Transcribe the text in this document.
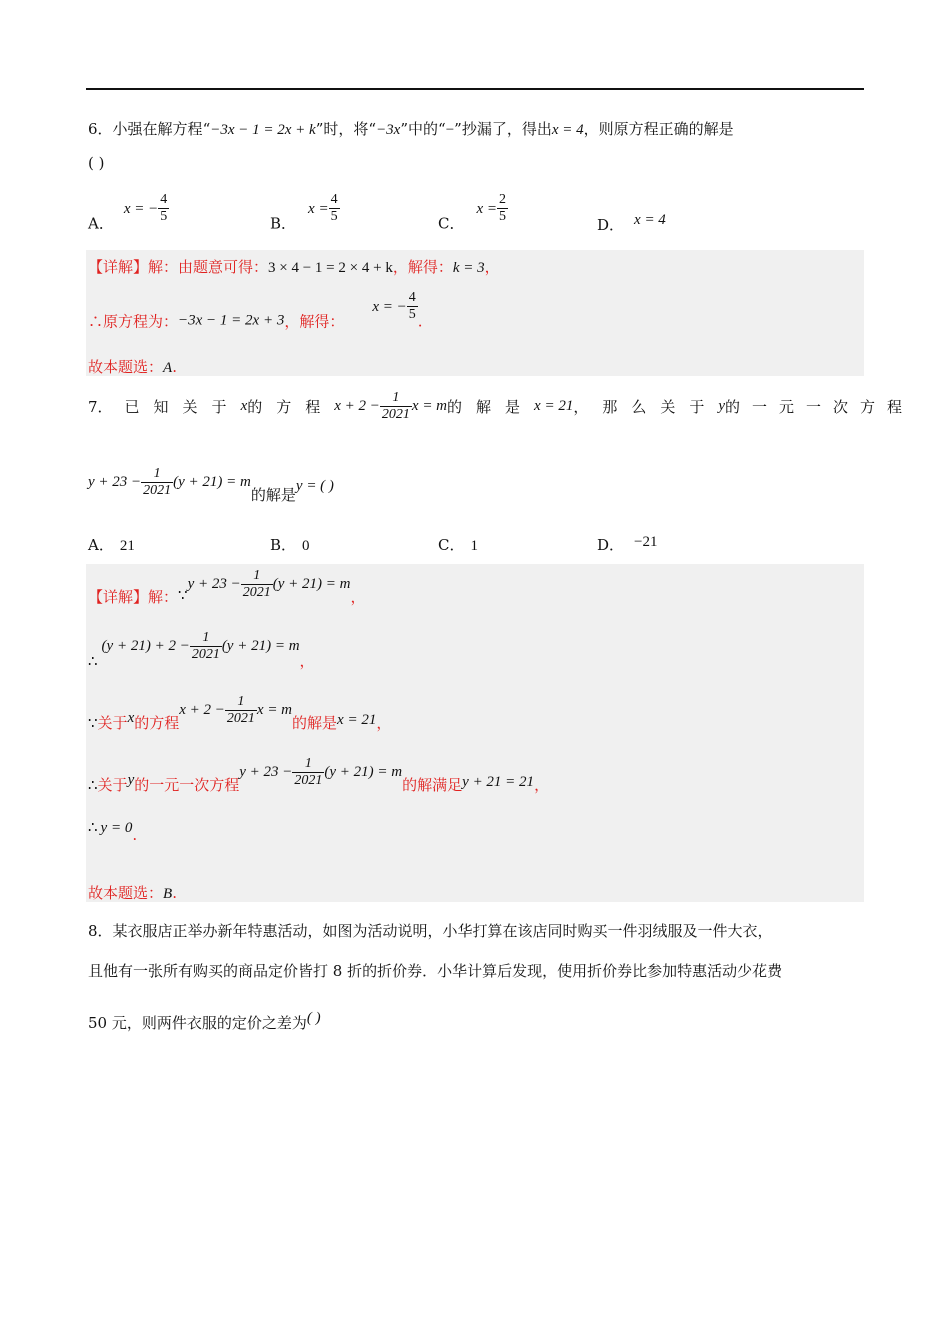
6．小强在解方程“−3x − 1 = 2x + k”时，将“−3x”中的“−”抄漏了，得出x = 4，则原方程正确的解是
( )
A．x = − $\frac{4}{5}$	B．$x = \frac{4}{5}$	C．$x = \frac{2}{5}$	D． x = 4
【详解】解：由题意可得：3 × 4 − 1 = 2 × 4 + k，解得：k = 3，
∴原方程为：−3x − 1 = 2x + 3，解得：x = − $\frac{4}{5}$ .
故本题选：A.
7． 已知关于 x 的方程 $x + 2 - \frac{1}{2021}$ x = m 的解是 x = 21 ，那么关于 y 的一元一次方程
$y + 23 - \frac{1}{2021} (y + 21) = m$的解是y = ( )
A． 21	B． 0	C． 1	D． −21
【详解】解：∵y + $23 - \frac{1}{2021} (y + 21) = m$，
∴(y + $21) + 2 - \frac{1}{2021} (y + 21) = m$，
∵关于x的方程$x + 2 - \frac{1}{2021}$ x = m的解是x = 21，
∴关于y的一元一次方程$y + 23 - \frac{1}{2021} (y + 21) = m$的解满足y + 21 = 21，
∴ y = 0.
故本题选：B.
8．某衣服店正举办新年特惠活动，如图为活动说明，小华打算在该店同时购买一件羽绒服及一件大衣，
且他有一张所有购买的商品定价皆打 8 折的折价券．小华计算后发现，使用折价券比参加特惠活动少花费
50 元，则两件衣服的定价之差为( )
